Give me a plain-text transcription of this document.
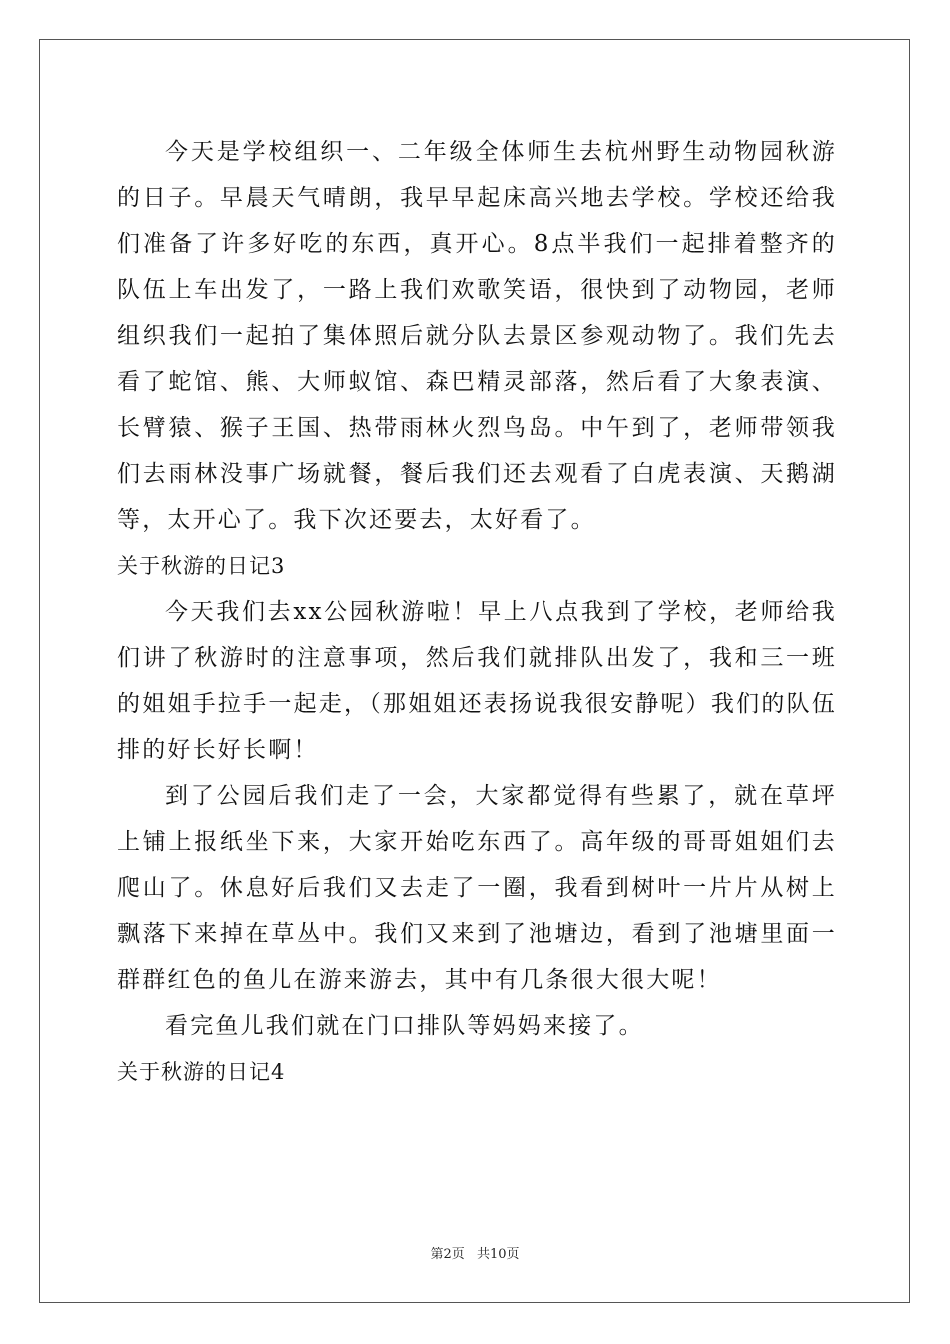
今天是学校组织一、二年级全体师生去杭州野生动物园秋游的日子。早晨天气晴朗，我早早起床高兴地去学校。学校还给我们准备了许多好吃的东西，真开心。8点半我们一起排着整齐的队伍上车出发了，一路上我们欢歌笑语，很快到了动物园，老师组织我们一起拍了集体照后就分队去景区参观动物了。我们先去看了蛇馆、熊、大师蚁馆、森巴精灵部落，然后看了大象表演、长臂猿、猴子王国、热带雨林火烈鸟岛。中午到了，老师带领我们去雨林没事广场就餐，餐后我们还去观看了白虎表演、天鹅湖等，太开心了。我下次还要去，太好看了。

关于秋游的日记3

今天我们去xx公园秋游啦！早上八点我到了学校，老师给我们讲了秋游时的注意事项，然后我们就排队出发了，我和三一班的姐姐手拉手一起走，（那姐姐还表扬说我很安静呢）我们的队伍排的好长好长啊！

到了公园后我们走了一会，大家都觉得有些累了，就在草坪上铺上报纸坐下来，大家开始吃东西了。高年级的哥哥姐姐们去爬山了。休息好后我们又去走了一圈，我看到树叶一片片从树上飘落下来掉在草丛中。我们又来到了池塘边，看到了池塘里面一群群红色的鱼儿在游来游去，其中有几条很大很大呢！

看完鱼儿我们就在门口排队等妈妈来接了。

关于秋游的日记4

第2页 共10页
